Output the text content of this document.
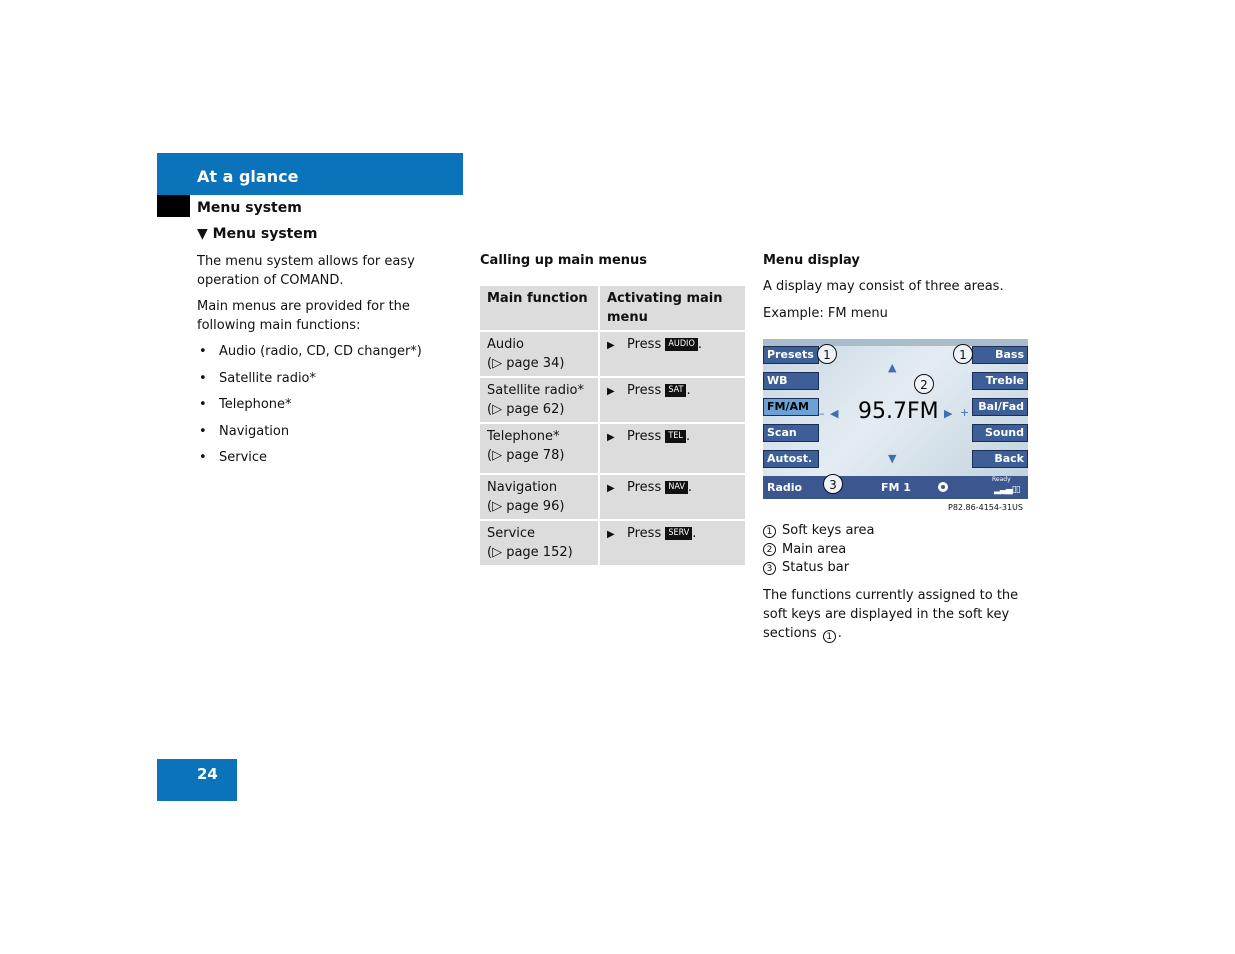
At a glance
Menu system
▼ Menu system

The menu system allows for easy operation of COMAND.

Main menus are provided for the following main functions:

• Audio (radio, CD, CD changer*)
• Satellite radio*
• Telephone*
• Navigation
• Service
Calling up main menus
Main function	Activating main menu
Audio
(▷ page 34)	▶ Press AUDIO .
Satellite radio*
(▷ page 62)	▶ Press SAT .
Telephone*
(▷ page 78)	▶ Press TEL .
Navigation
(▷ page 96)	▶ Press NAV .
Service
(▷ page 152)	▶ Press SERV .
Menu display
A display may consist of three areas.
Example: FM menu
Presets
WB
FM/AM
Scan
Autost.
Bass
Treble
Bal/Fad
Sound
Back
▲
▼
– ◀	▶ +
95.7FM
1	1
2
Radio	FM 1
Ready
▂▃▄▯▯
3
P82.86-4154-31US
1 Soft keys area
2 Main area
3 Status bar
The functions currently assigned to the soft keys are displayed in the soft key sections 1 .
24
